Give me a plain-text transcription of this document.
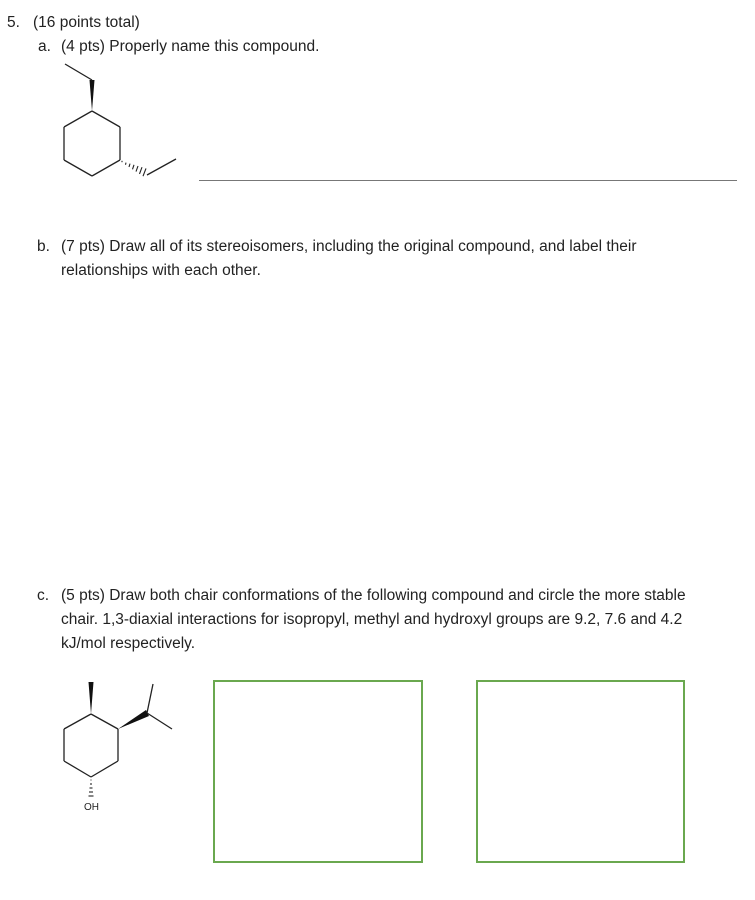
5. (16 points total)
a. (4 pts) Properly name this compound.
b. (7 pts) Draw all of its stereoisomers, including the original compound, and label their
relationships with each other.
c. (5 pts) Draw both chair conformations of the following compound and circle the more stable
chair. 1,3-diaxial interactions for isopropyl, methyl and hydroxyl groups are 9.2, 7.6 and 4.2
kJ/mol respectively.
OH
